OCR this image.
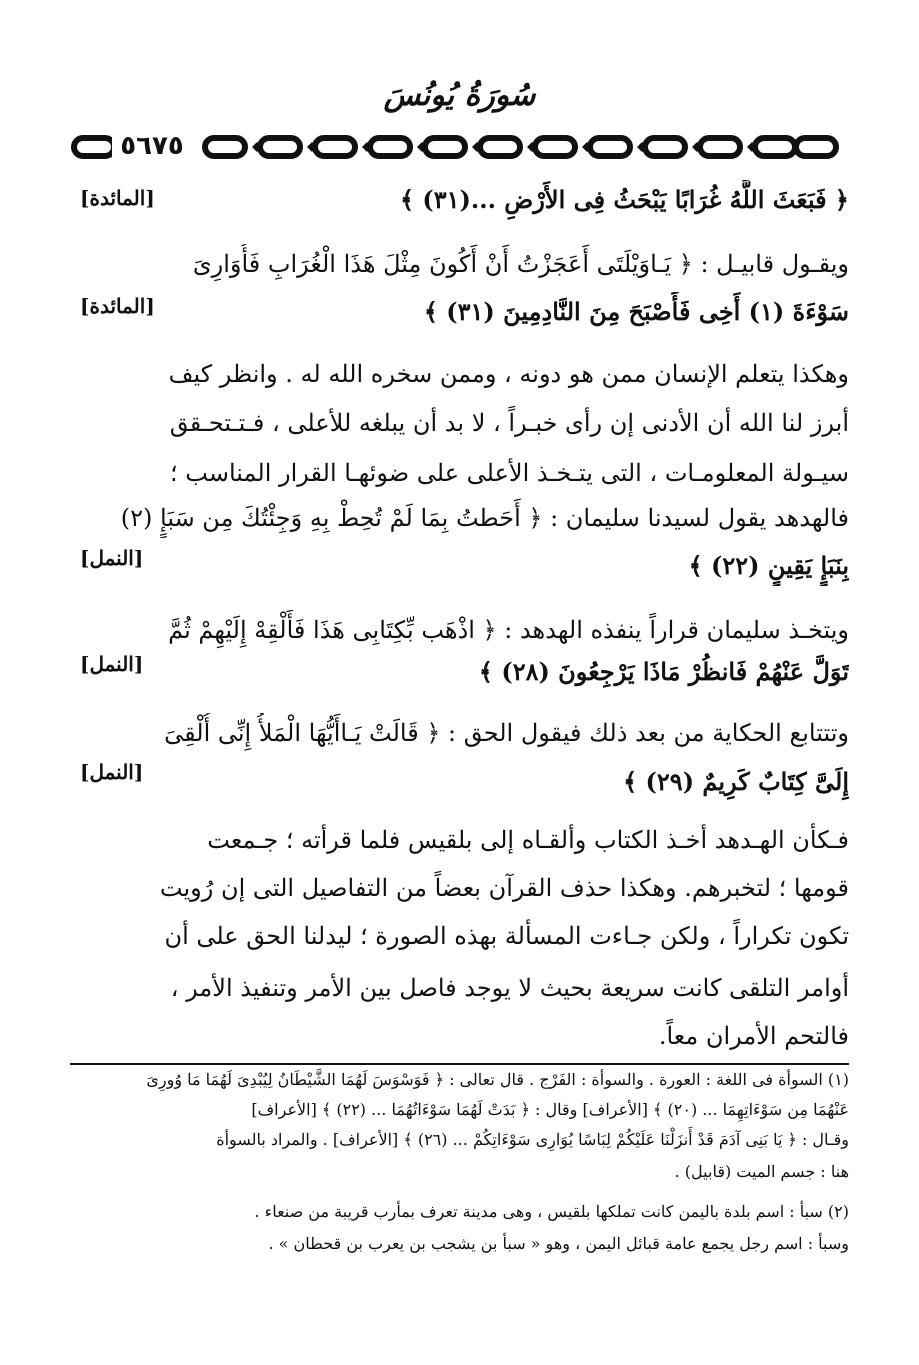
سُورَةُ يُونُسَ
٥٦٧٥
﴿ فَبَعَثَ اللَّهُ غُرَابًا يَبْحَثُ فِى الأَرْضِ ...(٣١) ﴾
[المائدة]
ويقـول قابيـل : ﴿ يَـاوَيْلَتَى أَعَجَزْتُ أَنْ أَكُونَ مِثْلَ هَذَا الْغُرَابِ فَأُوَارِىَ
سَوْءَةَ (١) أَخِى فَأَصْبَحَ مِنَ النَّادِمِينَ (٣١) ﴾
[المائدة]
وهكذا يتعلم الإنسان ممن هو دونه ، وممن سخره الله له . وانظر كيف
أبرز لنا الله أن الأدنى إن رأى خبـراً ، لا بد أن يبلغه للأعلى ، فـتـتحـقق
سيـولة المعلومـات ، التى يتـخـذ الأعلى على ضوئهـا القرار المناسب ؛
فالهدهد يقول لسيدنا سليمان : ﴿ أَحَطتُ بِمَا لَمْ تُحِطْ بِهِ وَجِئْتُكَ مِن سَبَإٍ (٢)
بِنَبَإٍ يَقِينٍ (٢٢) ﴾
[النمل]
ويتخـذ سليمان قراراً ينفذه الهدهد : ﴿ اذْهَب بِّكِتَابِى هَذَا فَأَلْقِهْ إِلَيْهِمْ ثُمَّ
تَوَلَّ عَنْهُمْ فَانظُرْ مَاذَا يَرْجِعُونَ (٢٨) ﴾
[النمل]
وتتتابع الحكاية من بعد ذلك فيقول الحق : ﴿ قَالَتْ يَـاأَيُّهَا الْمَلأُ إِنِّى أُلْقِىَ
إِلَىَّ كِتَابٌ كَرِيمٌ (٢٩) ﴾
[النمل]
فـكأن الهـدهد أخـذ الكتاب وألقـاه إلى بلقيس فلما قرأته ؛ جـمعت
قومها ؛ لتخبرهم. وهكذا حذف القرآن بعضاً من التفاصيل التى إن رُويت
تكون تكراراً ، ولكن جـاءت المسألة بهذه الصورة ؛ ليدلنا الحق على أن
أوامر التلقى كانت سريعة بحيث لا يوجد فاصل بين الأمر وتنفيذ الأمر ،
فالتحم الأمران معاً.
(١) السوأة فى اللغة : العورة . والسوأة : الفَرْج . قال تعالى : ﴿ فَوَسْوَسَ لَهُمَا الشَّيْطَانُ لِيُبْدِىَ لَهُمَا مَا وُورِىَ
عَنْهُمَا مِن سَوْءَاتِهِمَا ... (٢٠) ﴾ [الأعراف] وقال : ﴿ بَدَتْ لَهُمَا سَوْءَاتُهُمَا ... (٢٢) ﴾ [الأعراف]
وقـال : ﴿ يَا بَنِى آدَمَ قَدْ أَنزَلْنَا عَلَيْكُمْ لِبَاسًا يُوَارِى سَوْءَاتِكُمْ ... (٢٦) ﴾ [الأعراف] . والمراد بالسوأة
هنا : جسم الميت (قابيل) .
(٢) سبأ : اسم بلدة باليمن كانت تملكها بلقيس ، وهى مدينة تعرف بمأرب قريبة من صنعاء .
وسبأ : اسم رجل يجمع عامة قبائل اليمن ، وهو « سبأ بن يشجب بن يعرب بن قحطان » .
